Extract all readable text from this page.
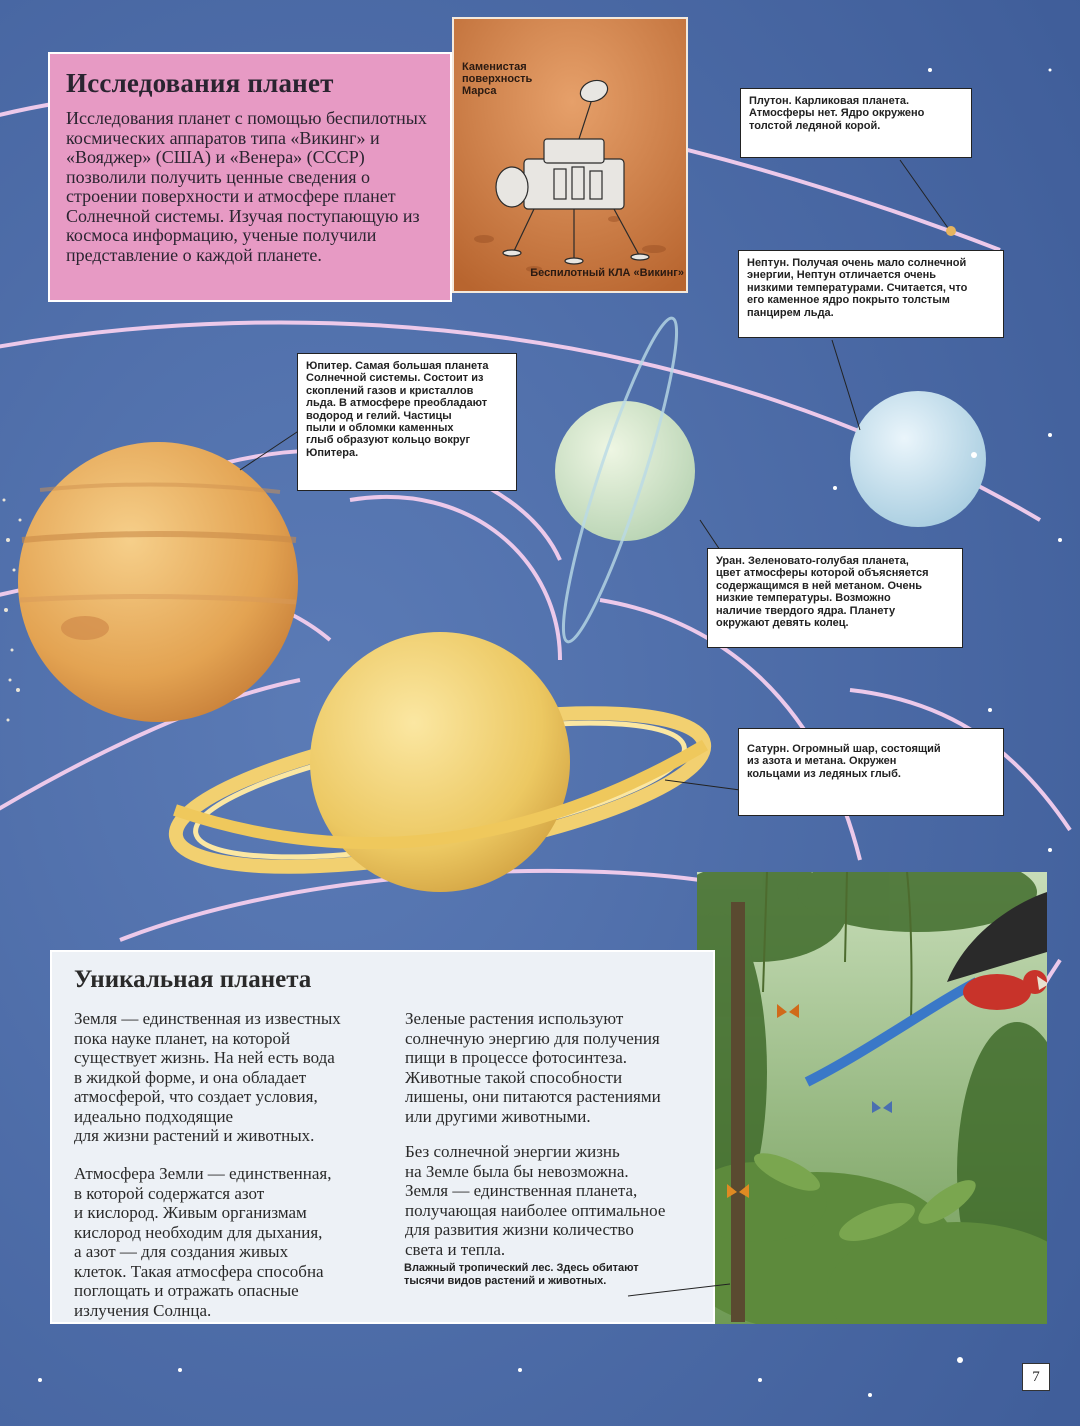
Исследования планет

Исследования планет с помощью беспилотных космических аппаратов типа «Викинг» и «Вояджер» (США) и «Венера» (СССР) позволили получить ценные сведения о строении поверхности и атмосфере планет Солнечной системы. Изучая поступающую из космоса информацию, ученые получили представление о каждой планете.

Каменистая
поверхность
Марса
Беспилотный КЛА «Викинг»
Плутон. Карликовая планета.
Атмосферы нет. Ядро окружено
толстой ледяной корой.
Нептун. Получая очень мало солнечной
энергии, Нептун отличается очень
низкими температурами. Считается, что
его каменное ядро покрыто толстым
панцирем льда.
Юпитер. Самая большая планета
Солнечной системы. Состоит из
скоплений газов и кристаллов
льда. В атмосфере преобладают
водород и гелий. Частицы
пыли и обломки каменных
глыб образуют кольцо вокруг
Юпитера.
Уран. Зеленовато-голубая планета,
цвет атмосферы которой объясняется
содержащимся в ней метаном. Очень
низкие температуры. Возможно
наличие твердого ядра. Планету
окружают девять колец.
Сатурн. Огромный шар, состоящий
из азота и метана. Окружен
кольцами из ледяных глыб.
Уникальная планета
Земля — единственная из известных
пока науке планет, на которой
существует жизнь. На ней есть вода
в жидкой форме, и она обладает
атмосферой, что создает условия,
идеально подходящие
для жизни растений и животных.
Атмосфера Земли — единственная,
в которой содержатся азот
и кислород. Живым организмам
кислород необходим для дыхания,
а азот — для создания живых
клеток. Такая атмосфера способна
поглощать и отражать опасные
излучения Солнца.
Зеленые растения используют
солнечную энергию для получения
пищи в процессе фотосинтеза.
Животные такой способности
лишены, они питаются растениями
или другими животными.
Без солнечной энергии жизнь
на Земле была бы невозможна.
Земля — единственная планета,
получающая наиболее оптимальное
для развития жизни количество
света и тепла.
Влажный тропический лес. Здесь обитают
тысячи видов растений и животных.
7
